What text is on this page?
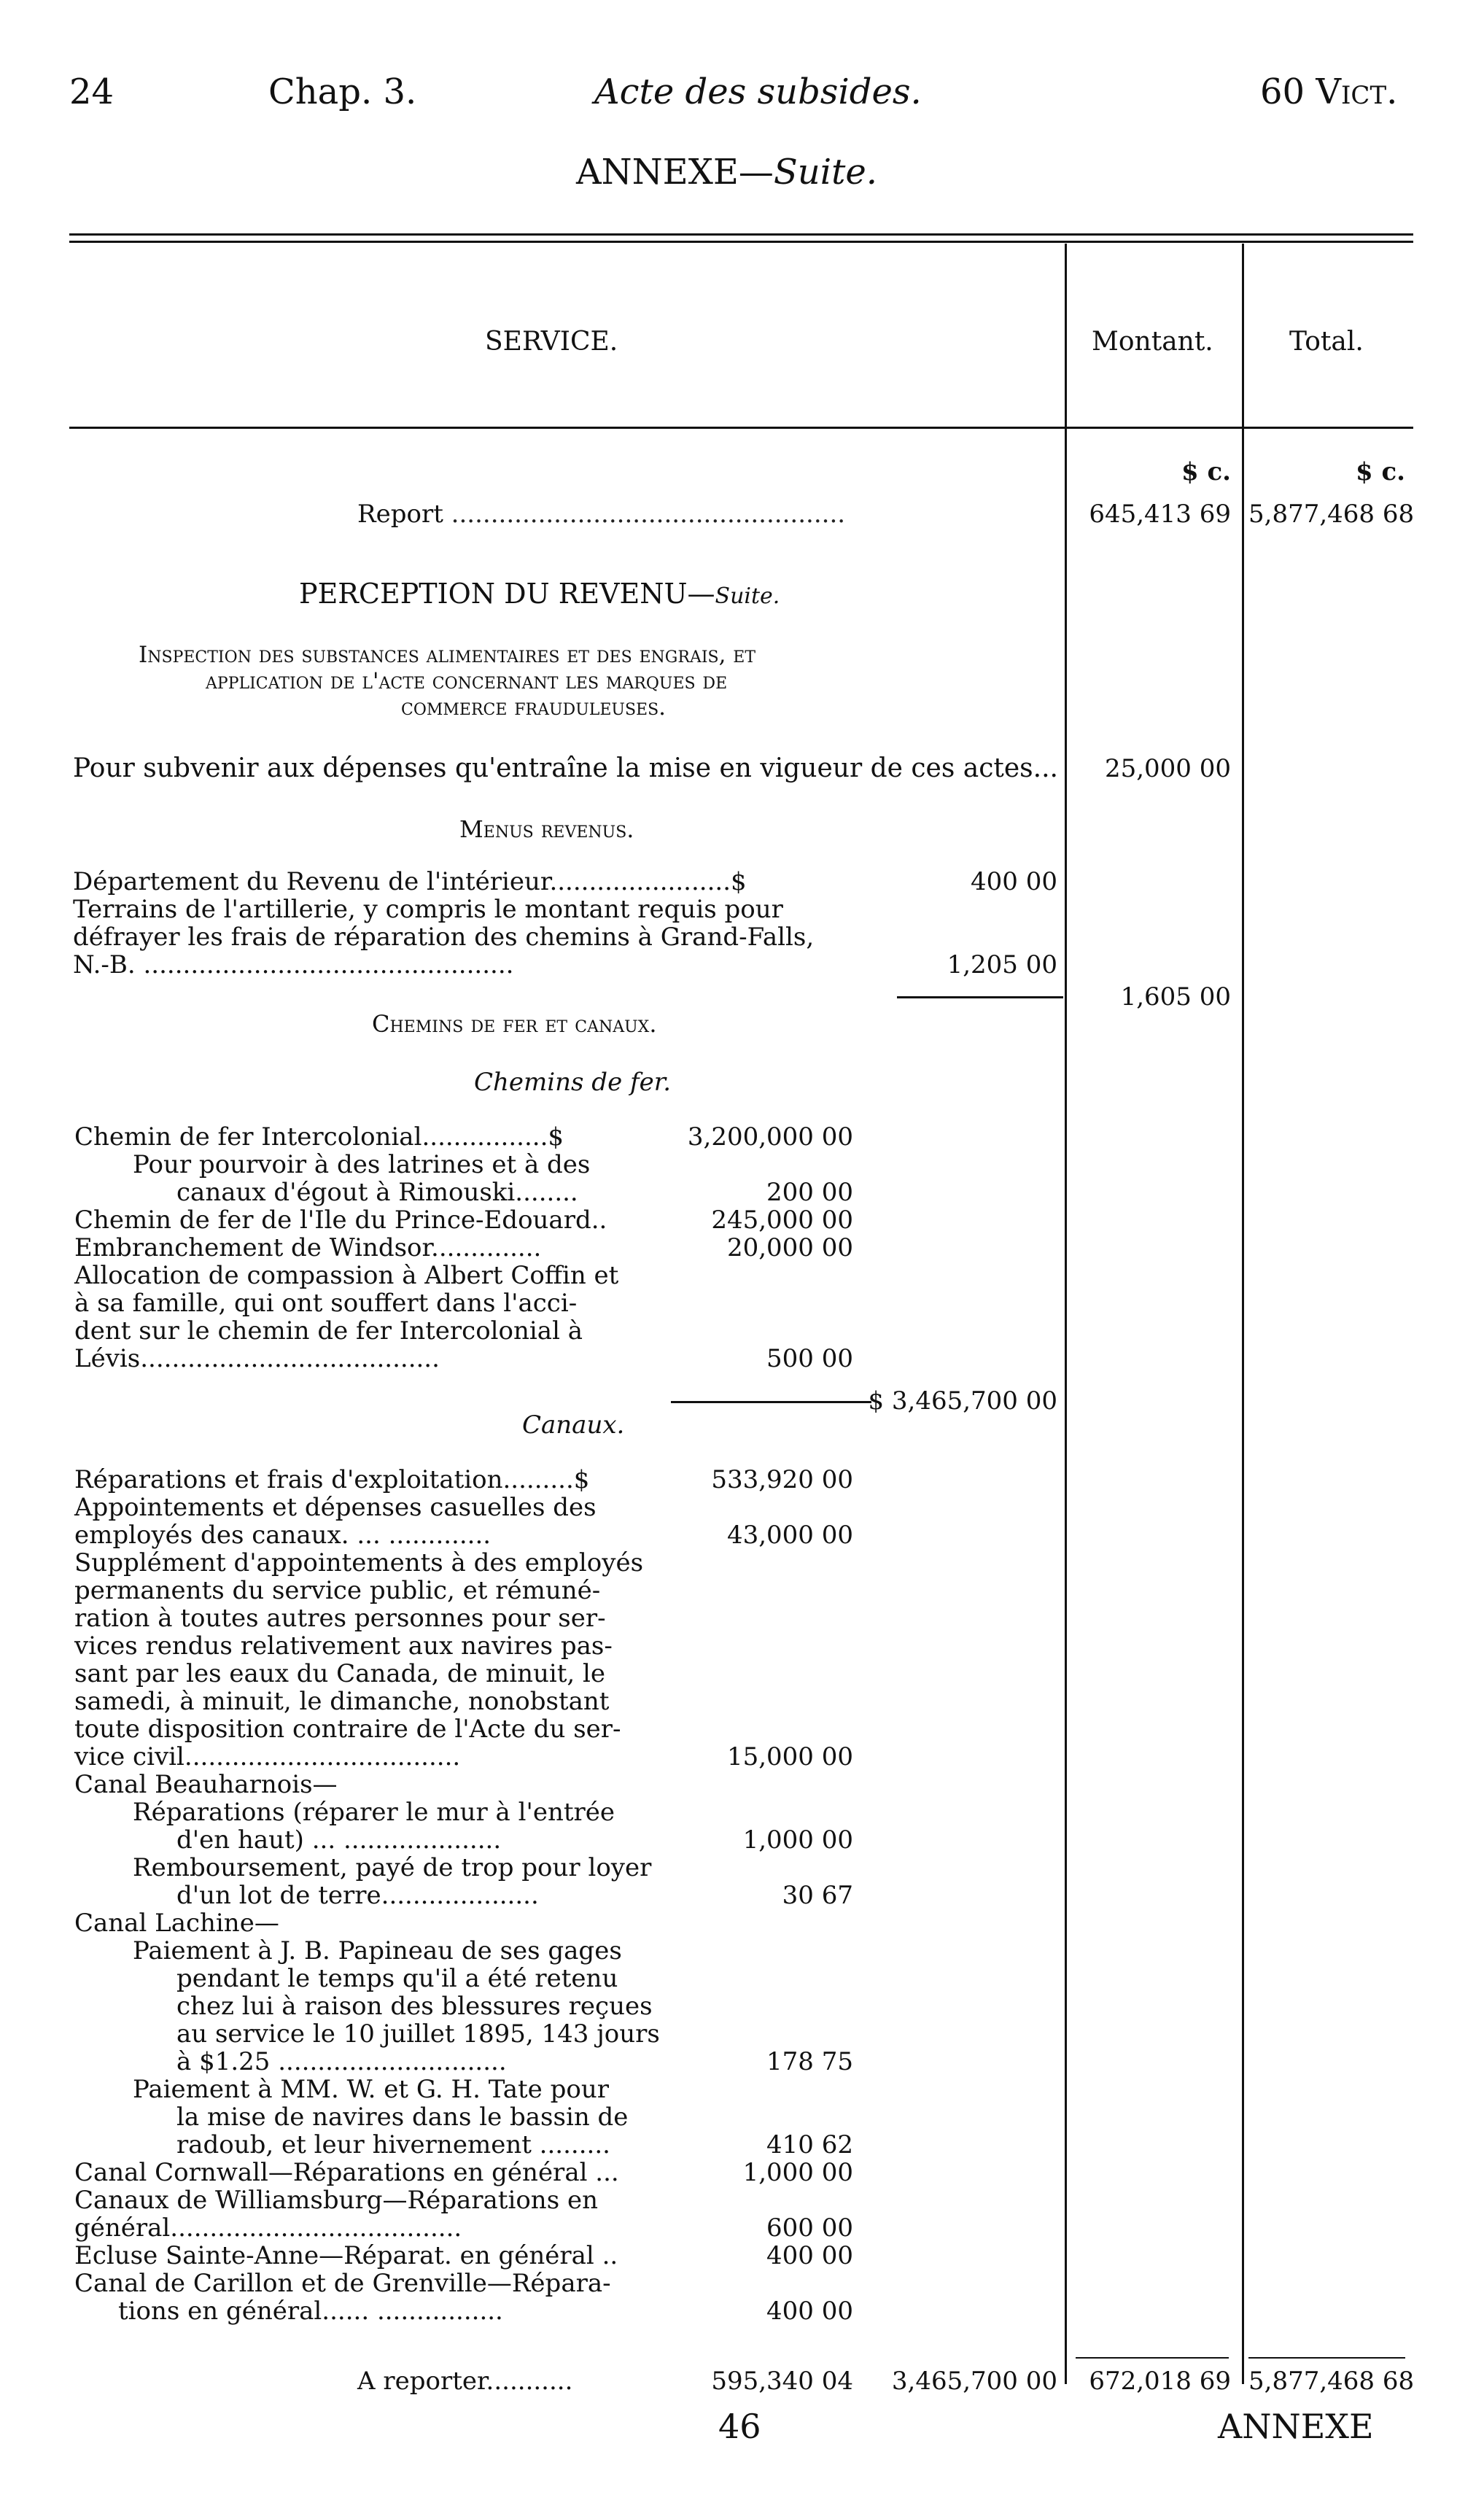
24	Chap. 3.	Acte des subsides.	60 Vict.
ANNEXE—Suite.
SERVICE.	Montant.	Total.
$ c.	$ c.
Report ..................................................	645,413 69 5,877,468 68
PERCEPTION DU REVENU—Suite.
Inspection des substances alimentaires et des engrais, et
application de l'acte concernant les marques de
commerce frauduleuses.
Pour subvenir aux dépenses qu'entraîne la mise en vigueur de ces actes...	25,000 00
Menus revenus.
Département du Revenu de l'intérieur.......................$	400 00
Terrains de l'artillerie, y compris le montant requis pour
défrayer les frais de réparation des chemins à Grand-Falls,
N.-B. ...............................................	1,205 00
1,605 00
Chemins de fer et canaux.
Chemins de fer.
Chemin de fer Intercolonial................$	3,200,000 00
Pour pourvoir à des latrines et à des
canaux d'égout à Rimouski........	200 00
Chemin de fer de l'Ile du Prince-Edouard..	245,000 00
Embranchement de Windsor..............	20,000 00
Allocation de compassion à Albert Coffin et
à sa famille, qui ont souffert dans l'acci-
dent sur le chemin de fer Intercolonial à
Lévis......................................	500 00
$ 3,465,700 00
Canaux.
Réparations et frais d'exploitation.........$	533,920 00
Appointements et dépenses casuelles des
employés des canaux. ... .............	43,000 00
Supplément d'appointements à des employés
permanents du service public, et rémuné-
ration à toutes autres personnes pour ser-
vices rendus relativement aux navires pas-
sant par les eaux du Canada, de minuit, le
samedi, à minuit, le dimanche, nonobstant
toute disposition contraire de l'Acte du ser-
vice civil...................................	15,000 00
Canal Beauharnois—
Réparations (réparer le mur à l'entrée
d'en haut) ... ....................	1,000 00
Remboursement, payé de trop pour loyer
d'un lot de terre....................	30 67
Canal Lachine—
Paiement à J. B. Papineau de ses gages
pendant le temps qu'il a été retenu
chez lui à raison des blessures reçues
au service le 10 juillet 1895, 143 jours
à $1.25 .............................	178 75
Paiement à MM. W. et G. H. Tate pour
la mise de navires dans le bassin de
radoub, et leur hivernement .........	410 62
Canal Cornwall—Réparations en général ...	1,000 00
Canaux de Williamsburg—Réparations en
général.....................................	600 00
Ecluse Sainte-Anne—Réparat. en général ..	400 00
Canal de Carillon et de Grenville—Répara-
tions en général...... ................	400 00
A reporter...........	595,340 04	3,465,700 00	672,018 69 5,877,468 68
46	ANNEXE
